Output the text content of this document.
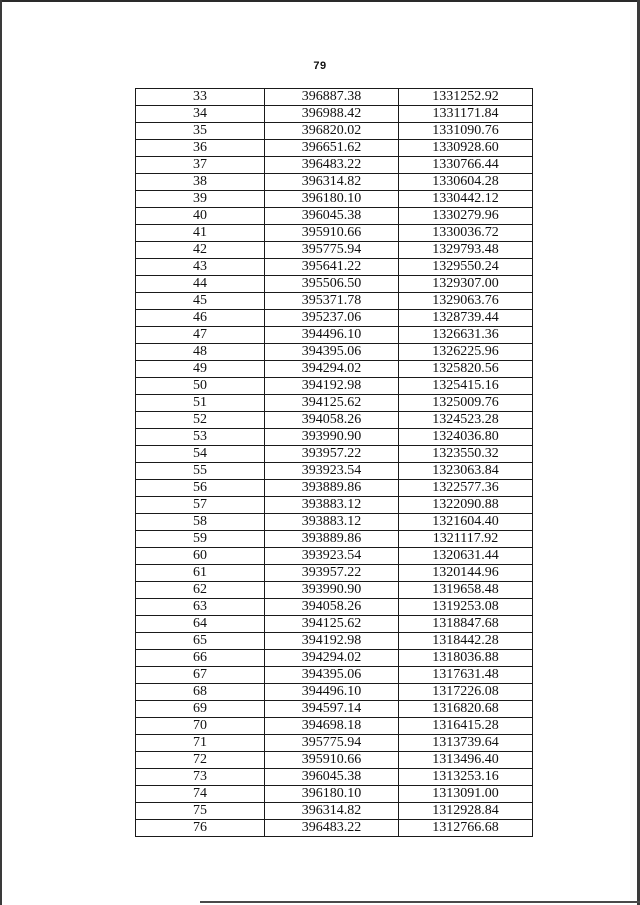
79
33	396887.38	1331252.92
34	396988.42	1331171.84
35	396820.02	1331090.76
36	396651.62	1330928.60
37	396483.22	1330766.44
38	396314.82	1330604.28
39	396180.10	1330442.12
40	396045.38	1330279.96
41	395910.66	1330036.72
42	395775.94	1329793.48
43	395641.22	1329550.24
44	395506.50	1329307.00
45	395371.78	1329063.76
46	395237.06	1328739.44
47	394496.10	1326631.36
48	394395.06	1326225.96
49	394294.02	1325820.56
50	394192.98	1325415.16
51	394125.62	1325009.76
52	394058.26	1324523.28
53	393990.90	1324036.80
54	393957.22	1323550.32
55	393923.54	1323063.84
56	393889.86	1322577.36
57	393883.12	1322090.88
58	393883.12	1321604.40
59	393889.86	1321117.92
60	393923.54	1320631.44
61	393957.22	1320144.96
62	393990.90	1319658.48
63	394058.26	1319253.08
64	394125.62	1318847.68
65	394192.98	1318442.28
66	394294.02	1318036.88
67	394395.06	1317631.48
68	394496.10	1317226.08
69	394597.14	1316820.68
70	394698.18	1316415.28
71	395775.94	1313739.64
72	395910.66	1313496.40
73	396045.38	1313253.16
74	396180.10	1313091.00
75	396314.82	1312928.84
76	396483.22	1312766.68
